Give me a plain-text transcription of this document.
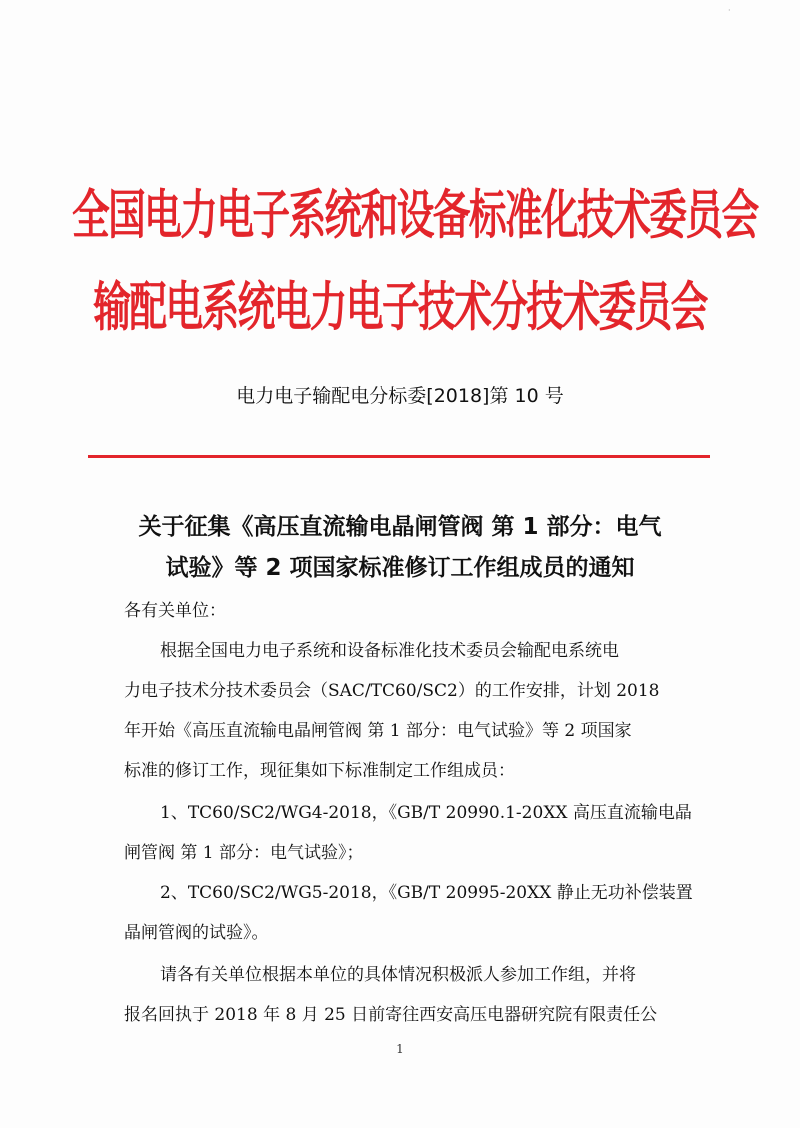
·
全国电力电子系统和设备标准化技术委员会
输配电系统电力电子技术分技术委员会
电力电子输配电分标委[2018]第 10 号
关于征集《高压直流输电晶闸管阀 第 1 部分：电气
试验》等 2 项国家标准修订工作组成员的通知
各有关单位：
根据全国电力电子系统和设备标准化技术委员会输配电系统电
力电子技术分技术委员会（SAC/TC60/SC2）的工作安排，计划 2018
年开始《高压直流输电晶闸管阀 第 1 部分：电气试验》等 2 项国家
标准的修订工作，现征集如下标准制定工作组成员：
1、TC60/SC2/WG4-2018，《GB/T 20990.1-20XX 高压直流输电晶
闸管阀 第 1 部分：电气试验》；
2、TC60/SC2/WG5-2018，《GB/T 20995-20XX 静止无功补偿装置
晶闸管阀的试验》。
请各有关单位根据本单位的具体情况积极派人参加工作组，并将
报名回执于 2018 年 8 月 25 日前寄往西安高压电器研究院有限责任公
1
